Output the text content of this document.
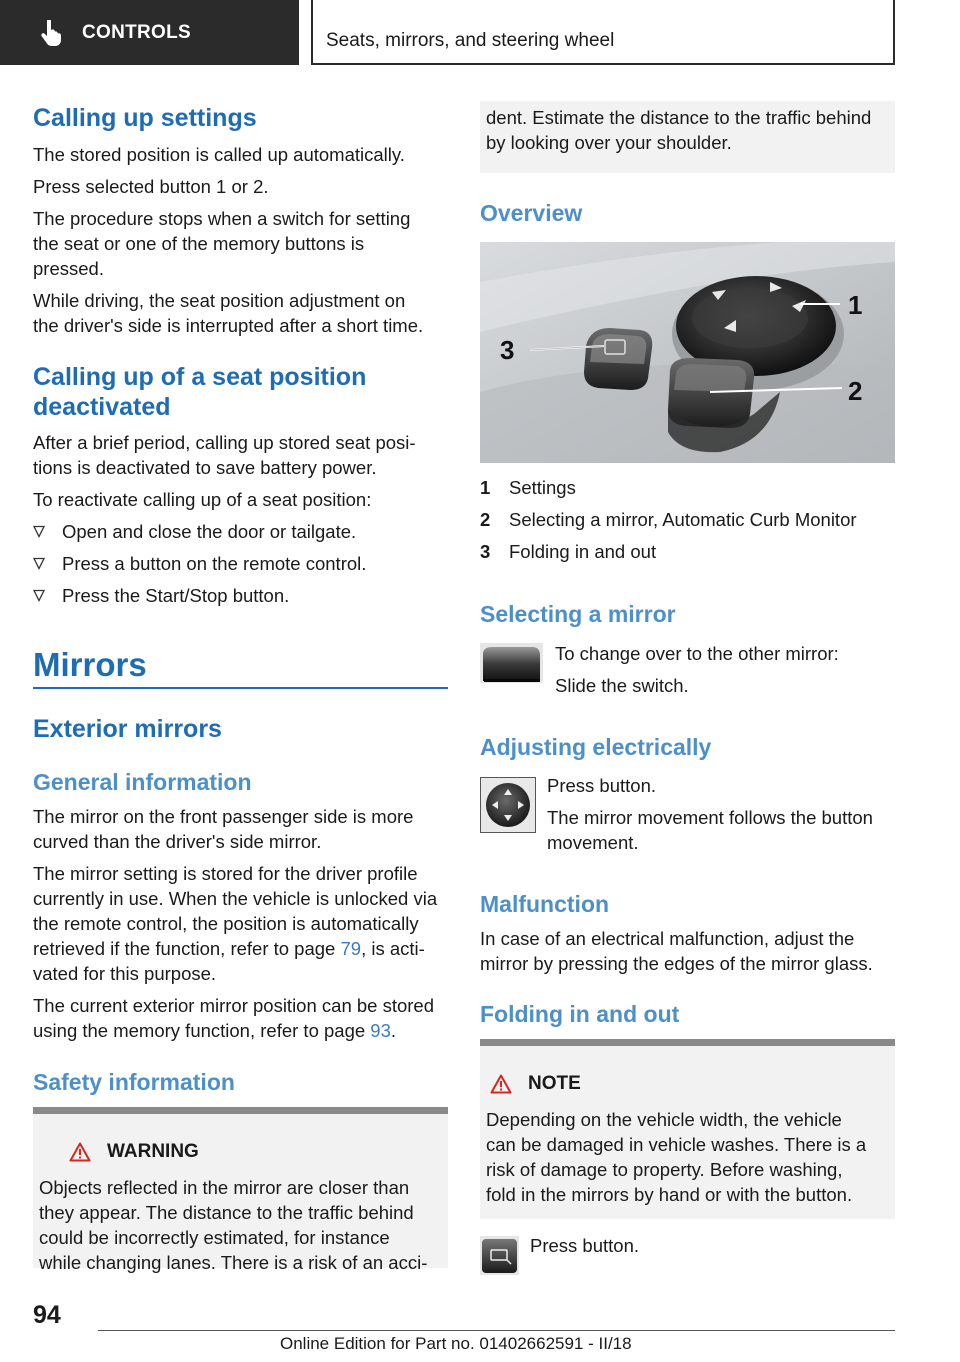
CONTROLS	Seats, mirrors, and steering wheel
Calling up settings
The stored position is called up automatically.
Press selected button 1 or 2.
The procedure stops when a switch for setting
the seat or one of the memory buttons is
pressed.
While driving, the seat position adjustment on
the driver's side is interrupted after a short time.
Calling up of a seat position
deactivated
After a brief period, calling up stored seat posi‐
tions is deactivated to save battery power.
To reactivate calling up of a seat position:
Open and close the door or tailgate.
Press a button on the remote control.
Press the Start/Stop button.
Mirrors
Exterior mirrors
General information
The mirror on the front passenger side is more
curved than the driver's side mirror.
The mirror setting is stored for the driver profile
currently in use. When the vehicle is unlocked via
the remote control, the position is automatically
retrieved if the function, refer to page 79, is acti‐
vated for this purpose.
The current exterior mirror position can be stored
using the memory function, refer to page 93.
Safety information
WARNING
Objects reflected in the mirror are closer than
they appear. The distance to the traffic behind
could be incorrectly estimated, for instance
while changing lanes. There is a risk of an acci‐
dent. Estimate the distance to the traffic behind
by looking over your shoulder.
Overview
3
1
2
1 Settings
2 Selecting a mirror, Automatic Curb Monitor
3 Folding in and out
Selecting a mirror
To change over to the other mirror:
Slide the switch.
Adjusting electrically
Press button.
The mirror movement follows the button
movement.
Malfunction
In case of an electrical malfunction, adjust the
mirror by pressing the edges of the mirror glass.
Folding in and out
NOTE
Depending on the vehicle width, the vehicle
can be damaged in vehicle washes. There is a
risk of damage to property. Before washing,
fold in the mirrors by hand or with the button.
Press button.
94
Online Edition for Part no. 01402662591 - II/18
